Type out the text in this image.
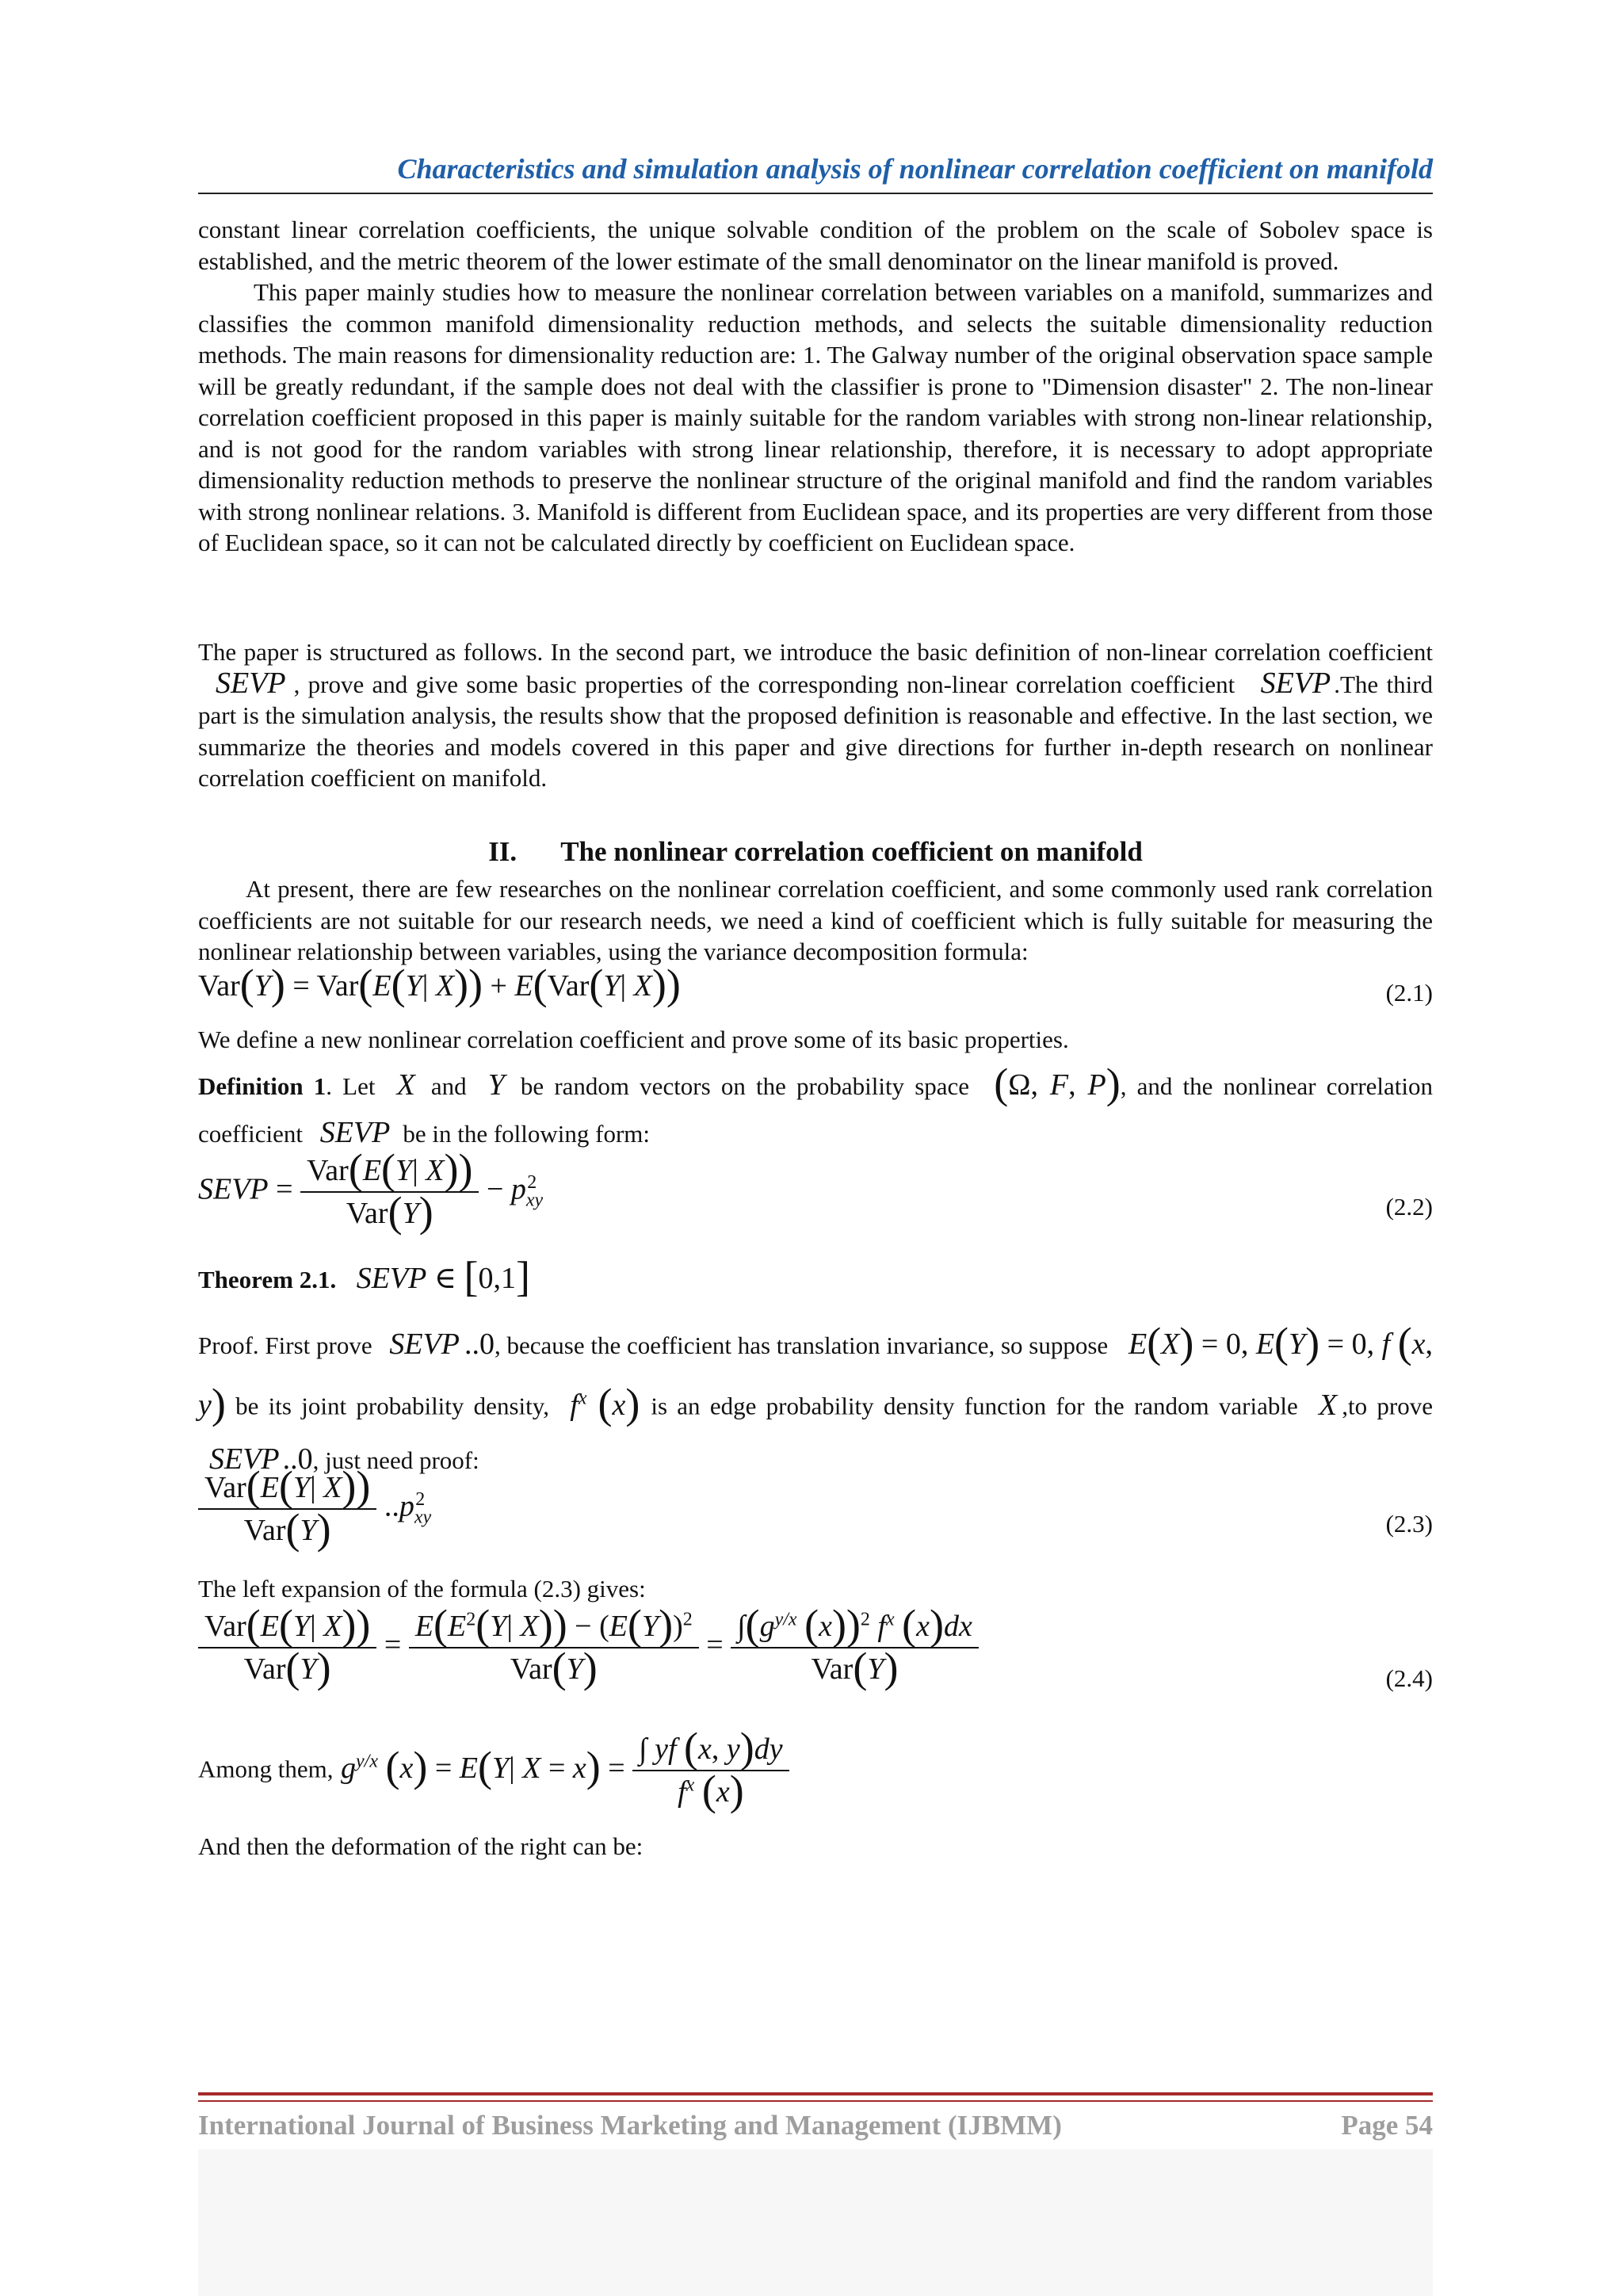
Characteristics and simulation analysis of nonlinear correlation coefficient on manifold

constant linear correlation coefficients, the unique solvable condition of the problem on the scale of Sobolev space is established, and the metric theorem of the lower estimate of the small denominator on the linear manifold is proved.

This paper mainly studies how to measure the nonlinear correlation between variables on a manifold, summarizes and classifies the common manifold dimensionality reduction methods, and selects the suitable dimensionality reduction methods. The main reasons for dimensionality reduction are: 1. The Galway number of the original observation space sample will be greatly redundant, if the sample does not deal with the classifier is prone to "Dimension disaster" 2. The non-linear correlation coefficient proposed in this paper is mainly suitable for the random variables with strong non-linear relationship, and is not good for the random variables with strong linear relationship, therefore, it is necessary to adopt appropriate dimensionality reduction methods to preserve the nonlinear structure of the original manifold and find the random variables with strong nonlinear relations. 3. Manifold is different from Euclidean space, and its properties are very different from those of Euclidean space, so it can not be calculated directly by coefficient on Euclidean space.

The paper is structured as follows. In the second part, we introduce the basic definition of non-linear correlation coefficient SEVP , prove and give some basic properties of the corresponding non-linear correlation coefficient SEVP .The third part is the simulation analysis, the results show that the proposed definition is reasonable and effective. In the last section, we summarize the theories and models covered in this paper and give directions for further in-depth research on nonlinear correlation coefficient on manifold.

II. The nonlinear correlation coefficient on manifold

At present, there are few researches on the nonlinear correlation coefficient, and some commonly used rank correlation coefficients are not suitable for our research needs, we need a kind of coefficient which is fully suitable for measuring the nonlinear relationship between variables, using the variance decomposition formula:

Var(Y) = Var(E(Y| X)) + E(Var(Y| X))	(2.1)

We define a new nonlinear correlation coefficient and prove some of its basic properties.

Definition 1. Let X and Y be random vectors on the probability space (Ω, F, P), and the nonlinear correlation coefficient SEVP be in the following form:

SEVP = $\frac{\text{Var(E(Y| X))}}{\text{Var(Y)}} - p_{xy}^2$
(2.2)
Theorem 2.1. SEVP ∈ [0,1]

Proof. First prove SEVP ..0, because the coefficient has translation invariance, so suppose E(X) = 0, E(Y) = 0, f (x, y) be its joint probability density, $f^x$ (x) is an edge probability density function for the random variable X ,to prove SEVP ..0, just need proof:

$\frac{\text{Var(E(Y| X))}}{\text{Var(Y)}} ..p_{xy}^2$
(2.3)

The left expansion of the formula (2.3) gives:

$\frac{\text{Var(E(Y| X))}}{\text{Var(Y)}} = \frac{E(E^2(Y| X)) - (E(Y))^2}{\text{Var(Y)}} = \frac{\int(g^{y/x} (x))^2 f^x (x)dx}{\text{Var(Y)}}$	(2.4)
Among them, $g^{y/x}$ (x) = E(Y| $X = x) = \frac{\int yf (x, y)dy}{f^x (x)}$

And then the deformation of the right can be:

International Journal of Business Marketing and Management (IJBMM)	Page 54
